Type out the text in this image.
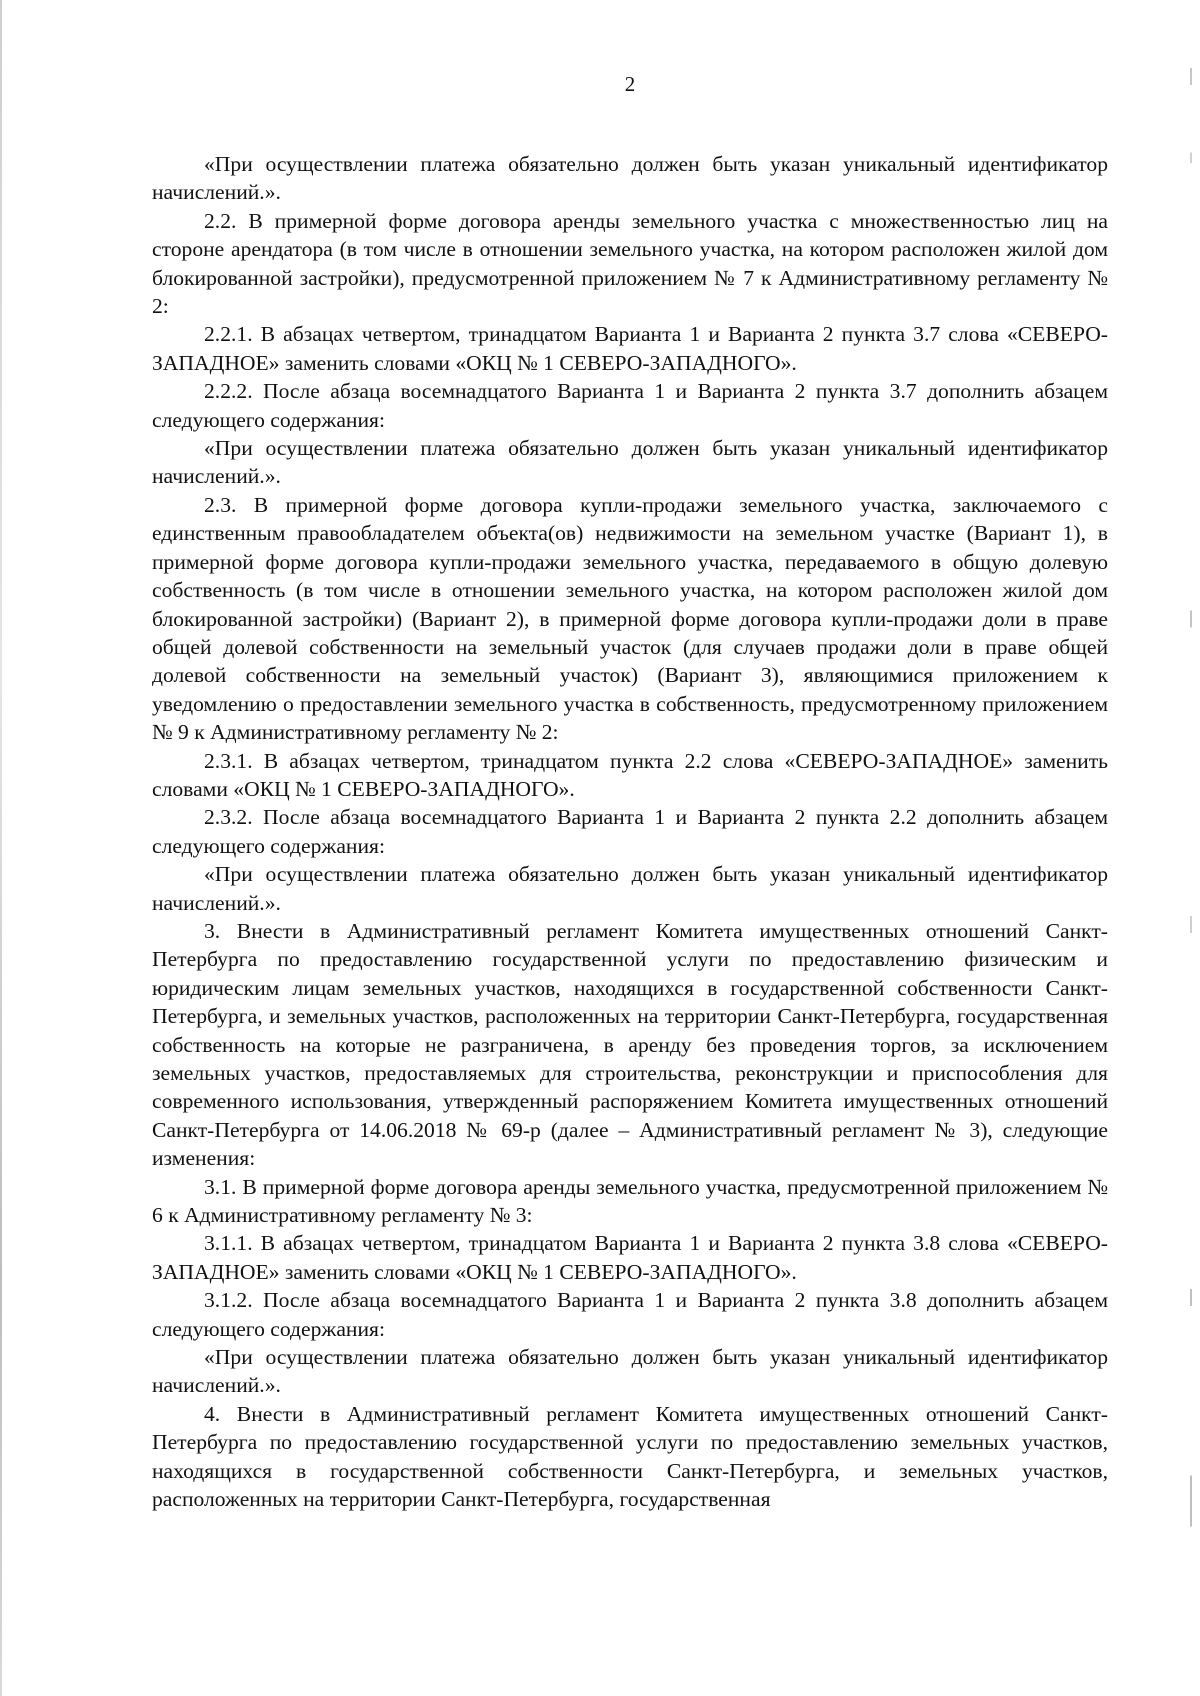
2

«При осуществлении платежа обязательно должен быть указан уникальный идентификатор начислений.».

2.2. В примерной форме договора аренды земельного участка с множественностью лиц на стороне арендатора (в том числе в отношении земельного участка, на котором расположен жилой дом блокированной застройки), предусмотренной приложением № 7 к Административному регламенту № 2:

2.2.1. В абзацах четвертом, тринадцатом Варианта 1 и Варианта 2 пункта 3.7 слова «СЕВЕРО-ЗАПАДНОЕ» заменить словами «ОКЦ № 1 СЕВЕРО-ЗАПАДНОГО».

2.2.2. После абзаца восемнадцатого Варианта 1 и Варианта 2 пункта 3.7 дополнить абзацем следующего содержания:

«При осуществлении платежа обязательно должен быть указан уникальный идентификатор начислений.».

2.3. В примерной форме договора купли-продажи земельного участка, заключаемого с единственным правообладателем объекта(ов) недвижимости на земельном участке (Вариант 1), в примерной форме договора купли-продажи земельного участка, передаваемого в общую долевую собственность (в том числе в отношении земельного участка, на котором расположен жилой дом блокированной застройки) (Вариант 2), в примерной форме договора купли-продажи доли в праве общей долевой собственности на земельный участок (для случаев продажи доли в праве общей долевой собственности на земельный участок) (Вариант 3), являющимися приложением к уведомлению о предоставлении земельного участка в собственность, предусмотренному приложением № 9 к Административному регламенту № 2:

2.3.1. В абзацах четвертом, тринадцатом пункта 2.2 слова «СЕВЕРО-ЗАПАДНОЕ» заменить словами «ОКЦ № 1 СЕВЕРО-ЗАПАДНОГО».

2.3.2. После абзаца восемнадцатого Варианта 1 и Варианта 2 пункта 2.2 дополнить абзацем следующего содержания:

«При осуществлении платежа обязательно должен быть указан уникальный идентификатор начислений.».

3. Внести в Административный регламент Комитета имущественных отношений Санкт-Петербурга по предоставлению государственной услуги по предоставлению физическим и юридическим лицам земельных участков, находящихся в государственной собственности Санкт-Петербурга, и земельных участков, расположенных на территории Санкт-Петербурга, государственная собственность на которые не разграничена, в аренду без проведения торгов, за исключением земельных участков, предоставляемых для строительства, реконструкции и приспособления для современного использования, утвержденный распоряжением Комитета имущественных отношений Санкт-Петербурга от 14.06.2018 № 69-р (далее – Административный регламент № 3), следующие изменения:

3.1. В примерной форме договора аренды земельного участка, предусмотренной приложением № 6 к Административному регламенту № 3:

3.1.1. В абзацах четвертом, тринадцатом Варианта 1 и Варианта 2 пункта 3.8 слова «СЕВЕРО-ЗАПАДНОЕ» заменить словами «ОКЦ № 1 СЕВЕРО-ЗАПАДНОГО».

3.1.2. После абзаца восемнадцатого Варианта 1 и Варианта 2 пункта 3.8 дополнить абзацем следующего содержания:

«При осуществлении платежа обязательно должен быть указан уникальный идентификатор начислений.».

4. Внести в Административный регламент Комитета имущественных отношений Санкт-Петербурга по предоставлению государственной услуги по предоставлению земельных участков, находящихся в государственной собственности Санкт-Петербурга, и земельных участков, расположенных на территории Санкт-Петербурга, государственная
